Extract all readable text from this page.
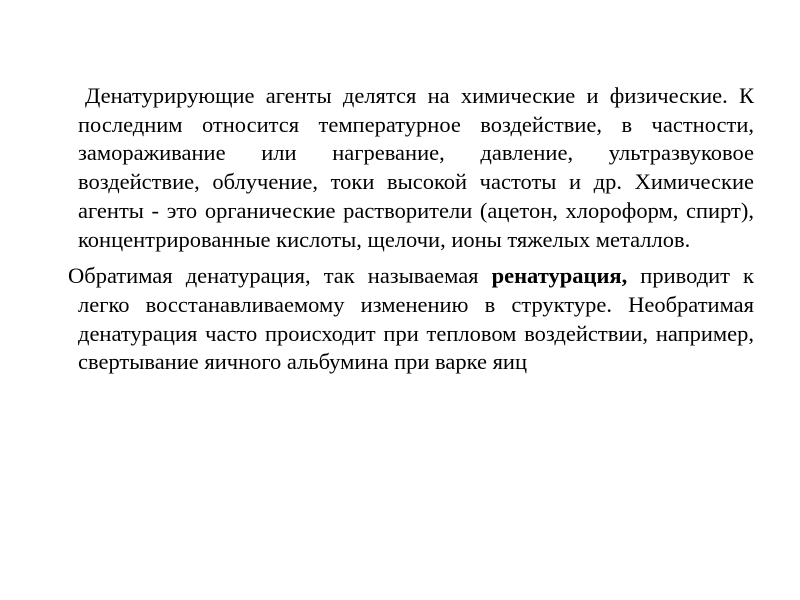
Денатурирующие агенты делятся на химические и физические. К последним относится температурное воздействие, в частности, замораживание или нагревание, давление, ультразвуковое воздействие, облучение, токи высокой частоты и др. Химические агенты - это органические растворители (ацетон, хлороформ, спирт), концентрированные кислоты, щелочи, ионы тяжелых металлов.

Обратимая денатурация, так называемая ренатурация, приводит к легко восстанавливаемому изменению в структуре. Необратимая денатурация часто происходит при тепловом воздействии, например, свертывание яичного альбумина при варке яиц
